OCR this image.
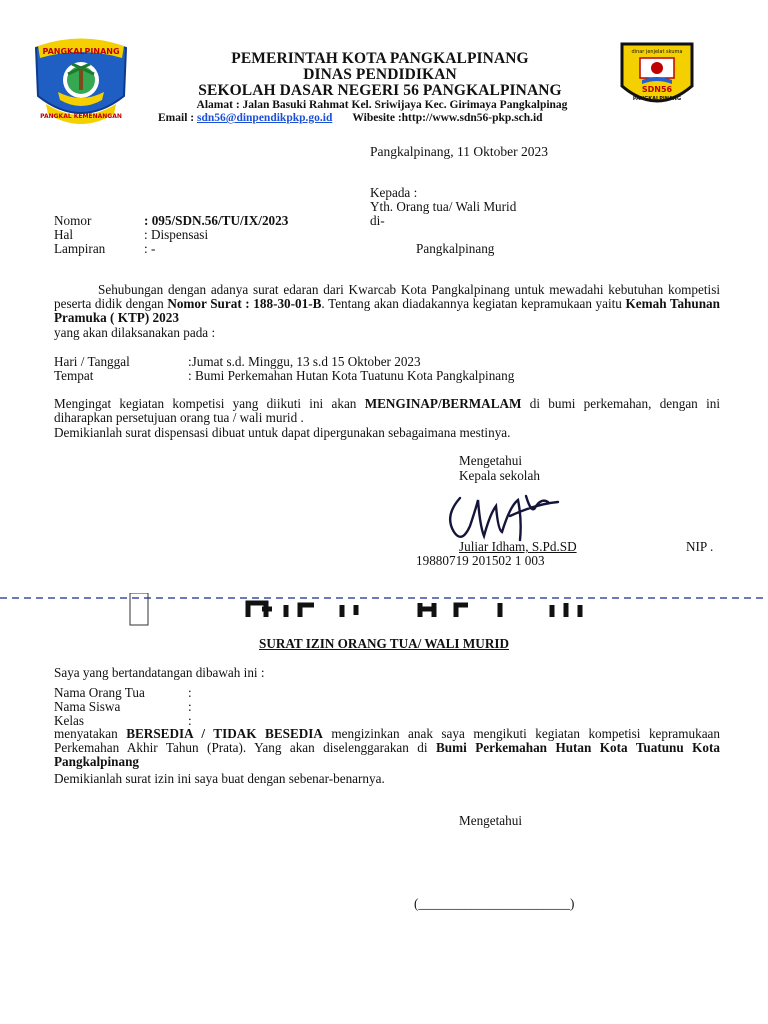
PANGKALPINANG
PANGKAL KEMENANGAN
dinar jenjelat skuma
SDN56
PANGKALPINANG
PEMERINTAH KOTA PANGKALPINANG
DINAS PENDIDIKAN
SEKOLAH DASAR NEGERI 56 PANGKALPINANG
Alamat : Jalan Basuki Rahmat Kel. Sriwijaya Kec. Girimaya Pangkalpinag
Email : sdn56@dinpendikpkp.go.id Wibesite :http://www.sdn56-pkp.sch.id
Pangkalpinang, 11 Oktober 2023
Kepada :
Yth. Orang tua/ Wali Murid
di-
Pangkalpinang
Nomor	: 095/SDN.56/TU/IX/2023
Hal	: Dispensasi
Lampiran	: -
Sehubungan dengan adanya surat edaran dari Kwarcab Kota Pangkalpinang untuk mewadahi kebutuhan kompetisi peserta didik dengan Nomor Surat : 188-30-01-B. Tentang akan diadakannya kegiatan kepramukaan yaitu Kemah Tahunan Pramuka ( KTP) 2023
yang akan dilaksanakan pada :
Hari / Tanggal	:Jumat s.d. Minggu, 13 s.d 15 Oktober 2023
Tempat	: Bumi Perkemahan Hutan Kota Tuatunu Kota Pangkalpinang
Mengingat kegiatan kompetisi yang diikuti ini akan MENGINAP/BERMALAM di bumi perkemahan, dengan ini diharapkan persetujuan orang tua / wali murid .
Demikianlah surat dispensasi dibuat untuk dapat dipergunakan sebagaimana mestinya.
Mengetahui
Kepala sekolah
Juliar Idham, S.Pd.SD	NIP .
19880719 201502 1 003
SURAT IZIN ORANG TUA/ WALI MURID
Saya yang bertandatangan dibawah ini :
Nama Orang Tua	:
Nama Siswa	:
Kelas	:
menyatakan BERSEDIA / TIDAK BESEDIA mengizinkan anak saya mengikuti kegiatan kompetisi kepramukaan Perkemahan Akhir Tahun (Prata). Yang akan diselenggarakan di Bumi Perkemahan Hutan Kota Tuatunu Kota Pangkalpinang
Demikianlah surat izin ini saya buat dengan sebenar-benarnya.
Mengetahui
(_______________________)
